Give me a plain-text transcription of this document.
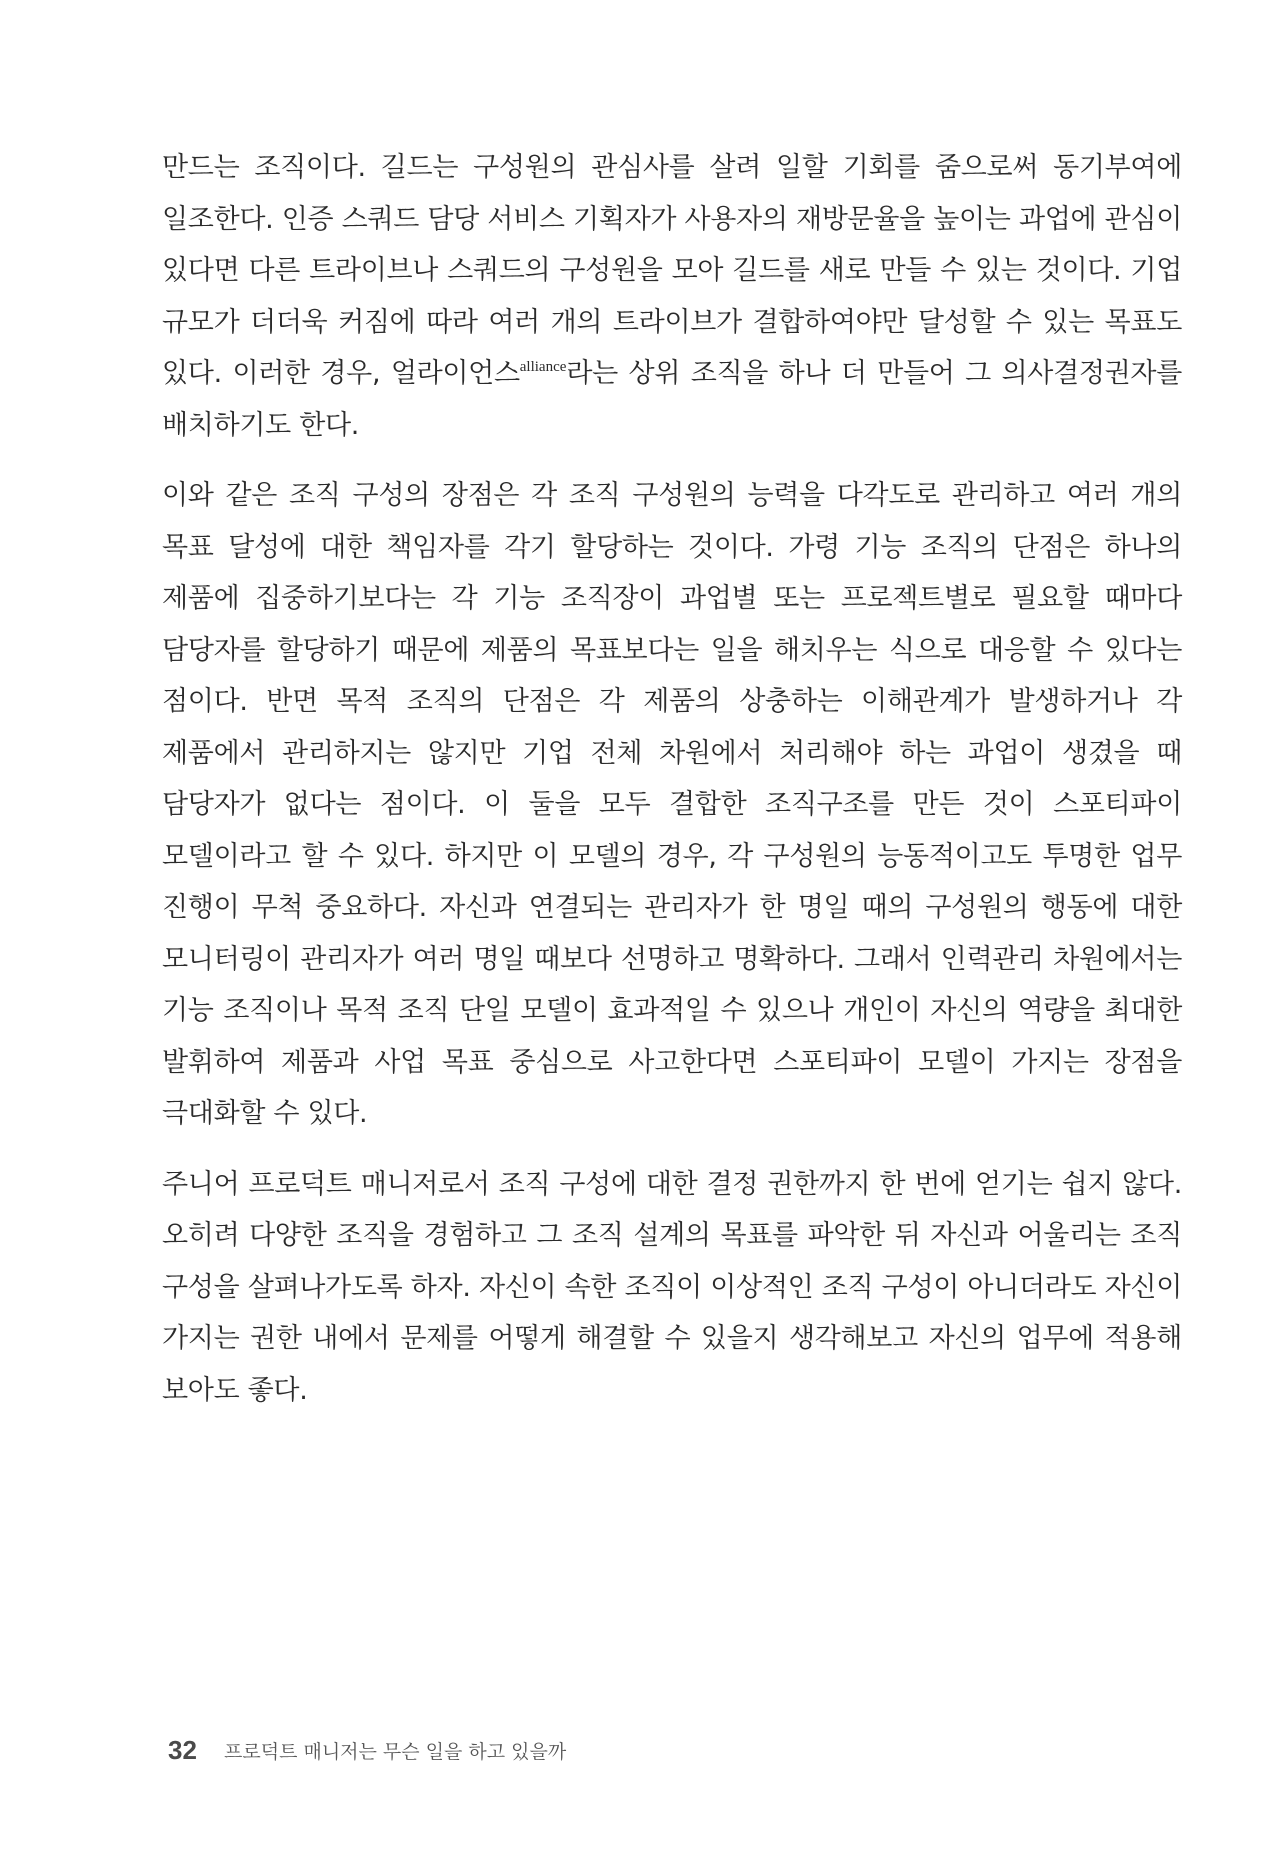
만드는 조직이다. 길드는 구성원의 관심사를 살려 일할 기회를 줌으로써 동기부여에 일조한다. 인증 스쿼드 담당 서비스 기획자가 사용자의 재방문율을 높이는 과업에 관심이 있다면 다른 트라이브나 스쿼드의 구성원을 모아 길드를 새로 만들 수 있는 것이다. 기업 규모가 더더욱 커짐에 따라 여러 개의 트라이브가 결합하여야만 달성할 수 있는 목표도 있다. 이러한 경우, 얼라이언스$^{alliance}$라는 상위 조직을 하나 더 만들어 그 의사결정권자를 배치하기도 한다.

이와 같은 조직 구성의 장점은 각 조직 구성원의 능력을 다각도로 관리하고 여러 개의 목표 달성에 대한 책임자를 각기 할당하는 것이다. 가령 기능 조직의 단점은 하나의 제품에 집중하기보다는 각 기능 조직장이 과업별 또는 프로젝트별로 필요할 때마다 담당자를 할당하기 때문에 제품의 목표보다는 일을 해치우는 식으로 대응할 수 있다는 점이다. 반면 목적 조직의 단점은 각 제품의 상충하는 이해관계가 발생하거나 각 제품에서 관리하지는 않지만 기업 전체 차원에서 처리해야 하는 과업이 생겼을 때 담당자가 없다는 점이다. 이 둘을 모두 결합한 조직구조를 만든 것이 스포티파이 모델이라고 할 수 있다. 하지만 이 모델의 경우, 각 구성원의 능동적이고도 투명한 업무 진행이 무척 중요하다. 자신과 연결되는 관리자가 한 명일 때의 구성원의 행동에 대한 모니터링이 관리자가 여러 명일 때보다 선명하고 명확하다. 그래서 인력관리 차원에서는 기능 조직이나 목적 조직 단일 모델이 효과적일 수 있으나 개인이 자신의 역량을 최대한 발휘하여 제품과 사업 목표 중심으로 사고한다면 스포티파이 모델이 가지는 장점을 극대화할 수 있다.

주니어 프로덕트 매니저로서 조직 구성에 대한 결정 권한까지 한 번에 얻기는 쉽지 않다. 오히려 다양한 조직을 경험하고 그 조직 설계의 목표를 파악한 뒤 자신과 어울리는 조직 구성을 살펴나가도록 하자. 자신이 속한 조직이 이상적인 조직 구성이 아니더라도 자신이 가지는 권한 내에서 문제를 어떻게 해결할 수 있을지 생각해보고 자신의 업무에 적용해 보아도 좋다.

32 프로덕트 매니저는 무슨 일을 하고 있을까
